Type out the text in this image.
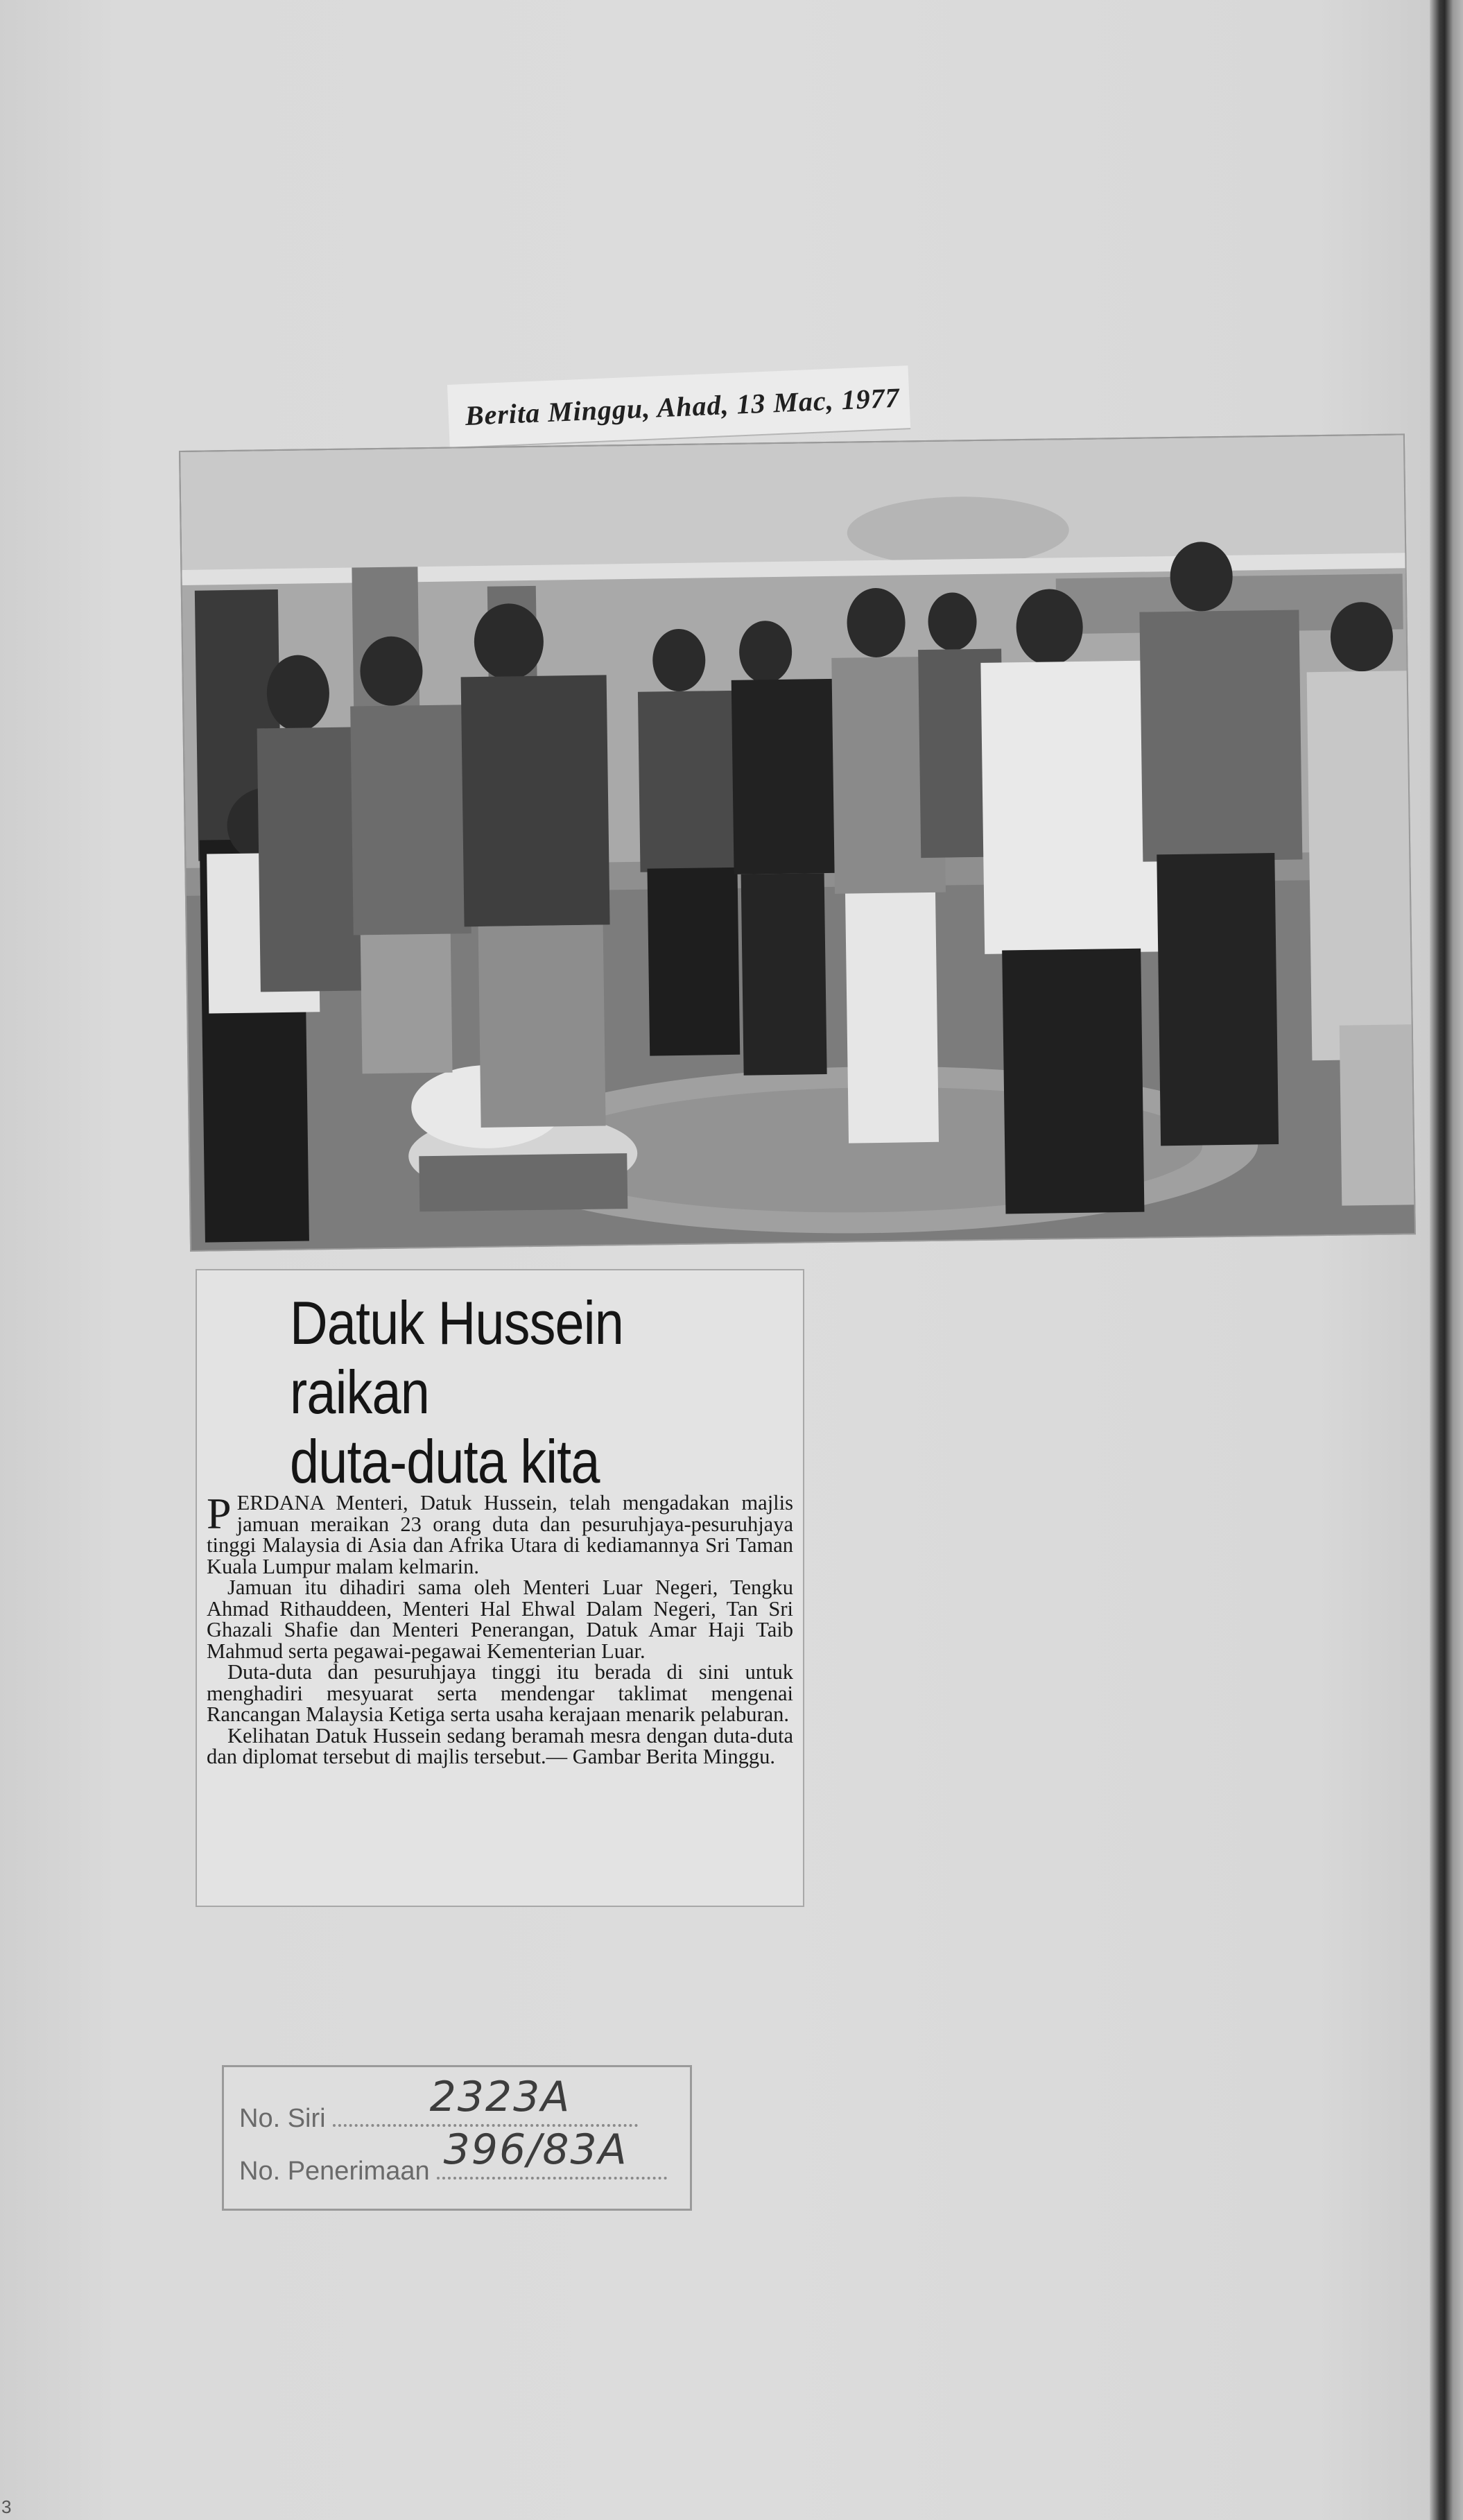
Berita Minggu, Ahad, 13 Mac, 1977
Datuk Hussein
raikan
duta-duta kita

PERDANA Menteri, Datuk Hussein, telah mengadakan majlis jamuan meraikan 23 orang duta dan pesuruhjaya-pesuruhjaya tinggi Malaysia di Asia dan Afrika Utara di kediamannya Sri Taman Kuala Lumpur malam kelmarin.

Jamuan itu dihadiri sama oleh Menteri Luar Negeri, Tengku Ahmad Rithauddeen, Menteri Hal Ehwal Dalam Negeri, Tan Sri Ghazali Shafie dan Menteri Penerangan, Datuk Amar Haji Taib Mahmud serta pegawai-pegawai Kementerian Luar.

Duta-duta dan pesuruhjaya tinggi itu berada di sini untuk menghadiri mesyuarat serta mendengar taklimat mengenai Rancangan Malaysia Ketiga serta usaha kerajaan menarik pelaburan.

Kelihatan Datuk Hussein sedang beramah mesra dengan duta-duta dan diplomat tersebut di majlis tersebut.— Gambar Berita Minggu.

No. Siri	2323A
No. Penerimaan 396/83A
3
